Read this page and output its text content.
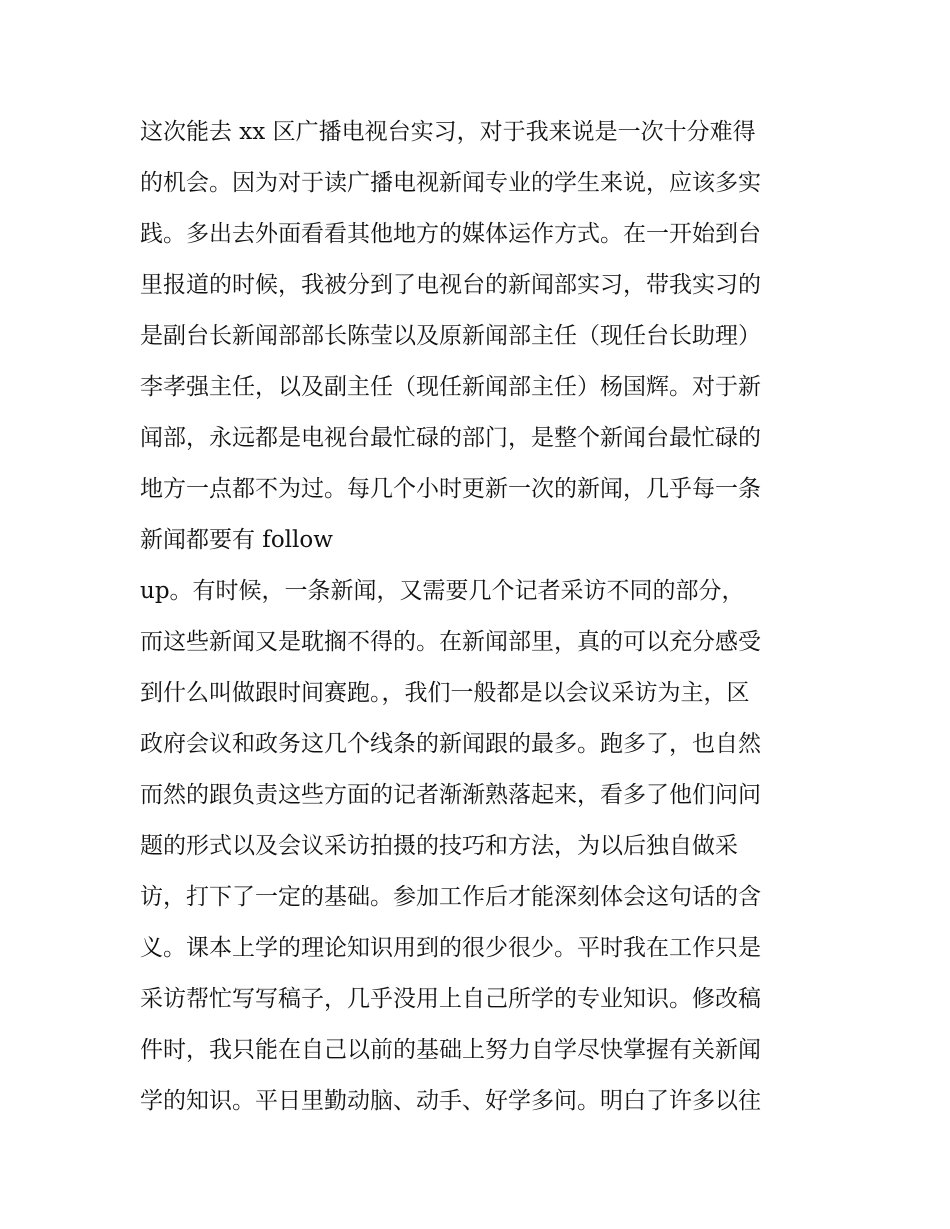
这次能去 xx 区广播电视台实习，对于我来说是一次十分难得
的机会。因为对于读广播电视新闻专业的学生来说，应该多实
践。多出去外面看看其他地方的媒体运作方式。在一开始到台
里报道的时候，我被分到了电视台的新闻部实习，带我实习的
是副台长新闻部部长陈莹以及原新闻部主任（现任台长助理）
李孝强主任，以及副主任（现任新闻部主任）杨国辉。对于新
闻部，永远都是电视台最忙碌的部门，是整个新闻台最忙碌的
地方一点都不为过。每几个小时更新一次的新闻，几乎每一条
新闻都要有 follow
up。有时候，一条新闻，又需要几个记者采访不同的部分，
而这些新闻又是耽搁不得的。在新闻部里，真的可以充分感受
到什么叫做跟时间赛跑。，我们一般都是以会议采访为主，区
政府会议和政务这几个线条的新闻跟的最多。跑多了，也自然
而然的跟负责这些方面的记者渐渐熟落起来，看多了他们问问
题的形式以及会议采访拍摄的技巧和方法，为以后独自做采
访，打下了一定的基础。参加工作后才能深刻体会这句话的含
义。课本上学的理论知识用到的很少很少。平时我在工作只是
采访帮忙写写稿子，几乎没用上自己所学的专业知识。修改稿
件时，我只能在自己以前的基础上努力自学尽快掌握有关新闻
学的知识。平日里勤动脑、动手、好学多问。明白了许多以往
